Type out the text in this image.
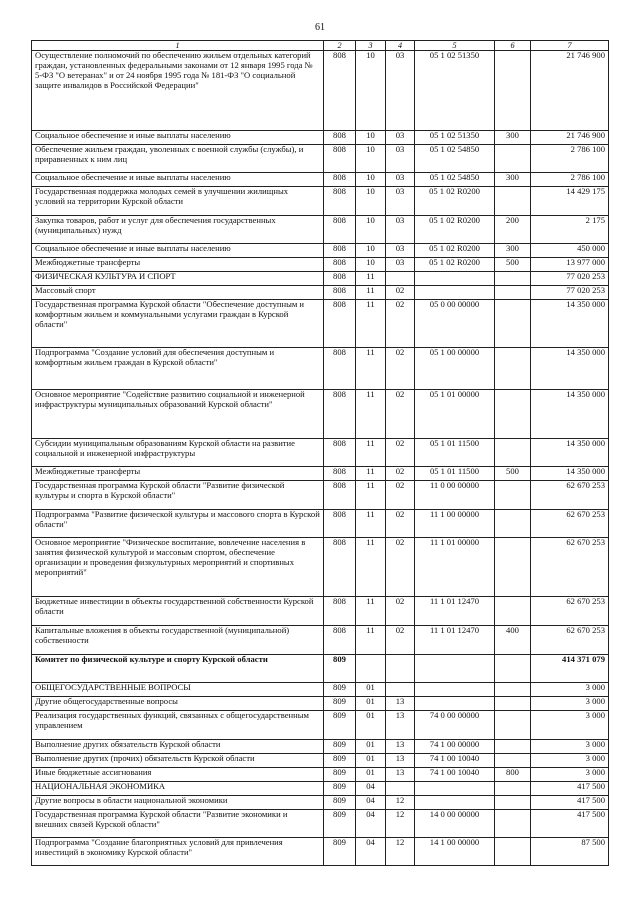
61
1	2	3	4	5	6	7
Осуществление полномочий по обеспечению жильем отдельных категорий граждан, установленных федеральными законами от 12 января 1995 года № 5-ФЗ "О ветеранах" и от 24 ноября 1995 года № 181-ФЗ "О социальной защите инвалидов в Российской Федерации"	808	10	03	05 1 02 51350		21 746 900
Социальное обеспечение и иные выплаты населению	808	10	03	05 1 02 51350	300	21 746 900
Обеспечение жильем граждан, уволенных с военной службы (службы), и приравненных к ним лиц	808	10	03	05 1 02 54850		2 786 100
Социальное обеспечение и иные выплаты населению	808	10	03	05 1 02 54850	300	2 786 100
Государственная поддержка молодых семей в улучшении жилищных условий на территории Курской области	808	10	03	05 1 02 R0200		14 429 175
Закупка товаров, работ и услуг для обеспечения государственных (муниципальных) нужд	808	10	03	05 1 02 R0200	200	2 175
Социальное обеспечение и иные выплаты населению	808	10	03	05 1 02 R0200	300	450 000
Межбюджетные трансферты	808	10	03	05 1 02 R0200	500	13 977 000
ФИЗИЧЕСКАЯ КУЛЬТУРА И СПОРТ	808	11				77 020 253
Массовый спорт	808	11	02			77 020 253
Государственная программа Курской области "Обеспечение доступным и комфортным жильем и коммунальными услугами граждан в Курской области"	808	11	02	05 0 00 00000		14 350 000
Подпрограмма "Создание условий для обеспечения доступным и комфортным жильем граждан в Курской области"	808	11	02	05 1 00 00000		14 350 000
Основное мероприятие "Содействие развитию социальной и инженерной инфраструктуры муниципальных образований Курской области"	808	11	02	05 1 01 00000		14 350 000
Субсидии муниципальным образованиям Курской области на развитие социальной и инженерной инфраструктуры	808	11	02	05 1 01 11500		14 350 000
Межбюджетные трансферты	808	11	02	05 1 01 11500	500	14 350 000
Государственная программа Курской области "Развитие физической культуры и спорта в Курской области"	808	11	02	11 0 00 00000		62 670 253
Подпрограмма "Развитие физической культуры и массового спорта в Курской области"	808	11	02	11 1 00 00000		62 670 253
Основное мероприятие "Физическое воспитание, вовлечение населения в занятия физической культурой и массовым спортом, обеспечение организации и проведения физкультурных мероприятий и спортивных мероприятий"	808	11	02	11 1 01 00000		62 670 253
Бюджетные инвестиции в объекты государственной собственности Курской области	808	11	02	11 1 01 12470		62 670 253
Капитальные вложения в объекты государственной (муниципальной) собственности	808	11	02	11 1 01 12470	400	62 670 253
Комитет по физической культуре и спорту Курской области	809					414 371 079
ОБЩЕГОСУДАРСТВЕННЫЕ ВОПРОСЫ	809	01				3 000
Другие общегосударственные вопросы	809	01	13			3 000
Реализация государственных функций, связанных с общегосударственным управлением	809	01	13	74 0 00 00000		3 000
Выполнение других обязательств Курской области	809	01	13	74 1 00 00000		3 000
Выполнение других (прочих) обязательств Курской области	809	01	13	74 1 00 10040		3 000
Иные бюджетные ассигнования	809	01	13	74 1 00 10040	800	3 000
НАЦИОНАЛЬНАЯ ЭКОНОМИКА	809	04				417 500
Другие вопросы в области национальной экономики	809	04	12			417 500
Государственная программа Курской области "Развитие экономики и внешних связей Курской области"	809	04	12	14 0 00 00000		417 500
Подпрограмма "Создание благоприятных условий для привлечения инвестиций в экономику Курской области"	809	04	12	14 1 00 00000		87 500
